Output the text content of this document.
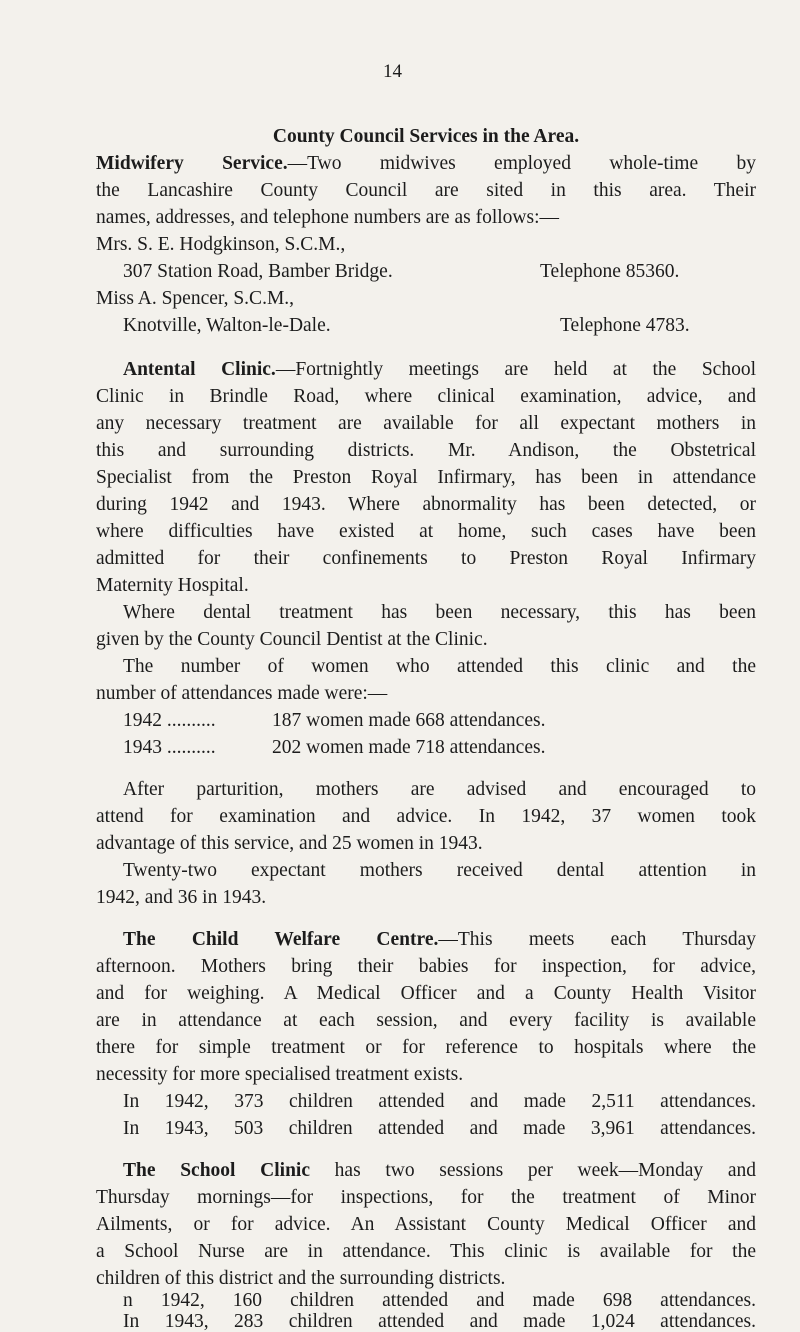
14
County Council Services in the Area.
Midwifery Service.—Two midwives employed whole-time by
the Lancashire County Council are sited in this area. Their
names, addresses, and telephone numbers are as follows:—
Mrs. S. E. Hodgkinson, S.C.M.,
307 Station Road, Bamber Bridge.	Telephone 85360.
Miss A. Spencer, S.C.M.,
Knotville, Walton-le-Dale.	Telephone 4783.
Antental Clinic.—Fortnightly meetings are held at the School
Clinic in Brindle Road, where clinical examination, advice, and
any necessary treatment are available for all expectant mothers in
this and surrounding districts. Mr. Andison, the Obstetrical
Specialist from the Preston Royal Infirmary, has been in attendance
during 1942 and 1943. Where abnormality has been detected, or
where difficulties have existed at home, such cases have been
admitted for their confinements to Preston Royal Infirmary
Maternity Hospital.
Where dental treatment has been necessary, this has been
given by the County Council Dentist at the Clinic.
The number of women who attended this clinic and the
number of attendances made were:—
1942 ..........	187 women made 668 attendances.
1943 ..........	202 women made 718 attendances.
After parturition, mothers are advised and encouraged to
attend for examination and advice. In 1942, 37 women took
advantage of this service, and 25 women in 1943.
Twenty-two expectant mothers received dental attention in
1942, and 36 in 1943.
The Child Welfare Centre.—This meets each Thursday
afternoon. Mothers bring their babies for inspection, for advice,
and for weighing. A Medical Officer and a County Health Visitor
are in attendance at each session, and every facility is available
there for simple treatment or for reference to hospitals where the
necessity for more specialised treatment exists.
In 1942, 373 children attended and made 2,511 attendances.
In 1943, 503 children attended and made 3,961 attendances.
The School Clinic has two sessions per week—Monday and
Thursday mornings—for inspections, for the treatment of Minor
Ailments, or for advice. An Assistant County Medical Officer and
a School Nurse are in attendance. This clinic is available for the
children of this district and the surrounding districts.
n 1942, 160 children attended and made 698 attendances.
In 1943, 283 children attended and made 1,024 attendances.
